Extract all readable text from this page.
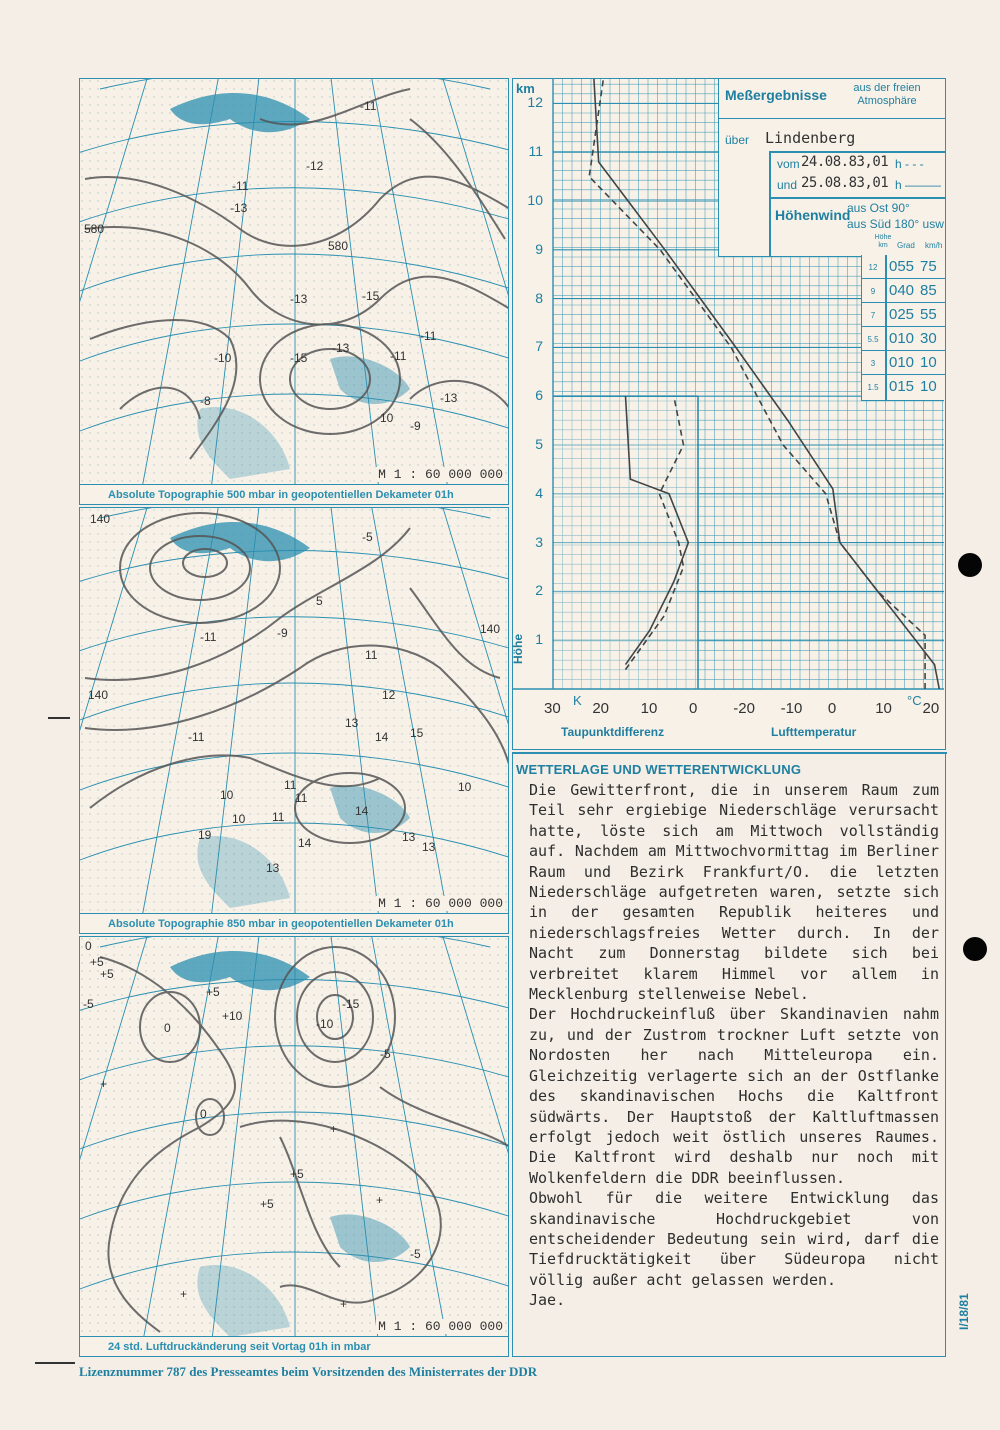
580
-11
-13
-12
-11
-13	-15
-13
-11
-10
-8
-15
-11
-13
580
-9
10
M 1 : 60 000 000
Absolute Topographie 500 mbar in geopotentiellen Dekameter 01h
140
-5
-11	-9
-11
5
11
140
13
14
12
10	11
15
11	14
10
13
19
14
10
140
11
13
13
M 1 : 60 000 000
Absolute Topographie 850 mbar in geopotentiellen Dekameter 01h
0
+5
-5
+10
+5
0
-15
-10
-5
+
+
+5
0
-5
+
+5
+
+5
+
M 1 : 60 000 000
24 std. Luftdruckänderung seit Vortag 01h in mbar
Meßergebnisse	aus der freien Atmosphäre
über Lindenberg
vom 24.08.83,01 h - - -
und 25.08.83,01 h ———
Höhenwind
aus Ost 90°
aus Süd 180° usw
Höhe km	Grad km/h
12 055 75
9 040 85
7 025 55
5.5 010 30
3 010 10
1.5 015 10
km
Höhe 1
2
3
4
5
6
7
8
9
10
11
12
30 20 10 0 -20 -10 0	10 20
K	°C
Taupunktdifferenz	Lufttemperatur
WETTERLAGE UND WETTERENTWICKLUNG

Die Gewitterfront, die in unserem Raum zum Teil sehr ergiebige Niederschläge verursacht hatte, löste sich am Mittwoch vollständig auf. Nachdem am Mittwochvormittag im Berliner Raum und Bezirk Frankfurt/O. die letzten Niederschläge aufgetreten waren, setzte sich in der gesamten Republik heiteres und niederschlagsfreies Wetter durch. In der Nacht zum Donnerstag bildete sich bei verbreitet klarem Himmel vor allem in Mecklenburg stellenweise Nebel.

Der Hochdruckeinfluß über Skandinavien nahm zu, und der Zustrom trockner Luft setzte von Nordosten her nach Mitteleuropa ein. Gleichzeitig verlagerte sich an der Ostflanke des skandinavischen Hochs die Kaltfront südwärts. Der Hauptstoß der Kaltluftmassen erfolgt jedoch weit östlich unseres Raumes. Die Kaltfront wird deshalb nur noch mit Wolkenfeldern die DDR beeinflussen.

Obwohl für die weitere Entwicklung das skandinavische Hochdruckgebiet von entscheidender Bedeutung sein wird, darf die Tiefdrucktätigkeit über Südeuropa nicht völlig außer acht gelassen werden.

Jae.	I/18/81
Lizenznummer 787 des Presseamtes beim Vorsitzenden des Ministerrates der DDR
